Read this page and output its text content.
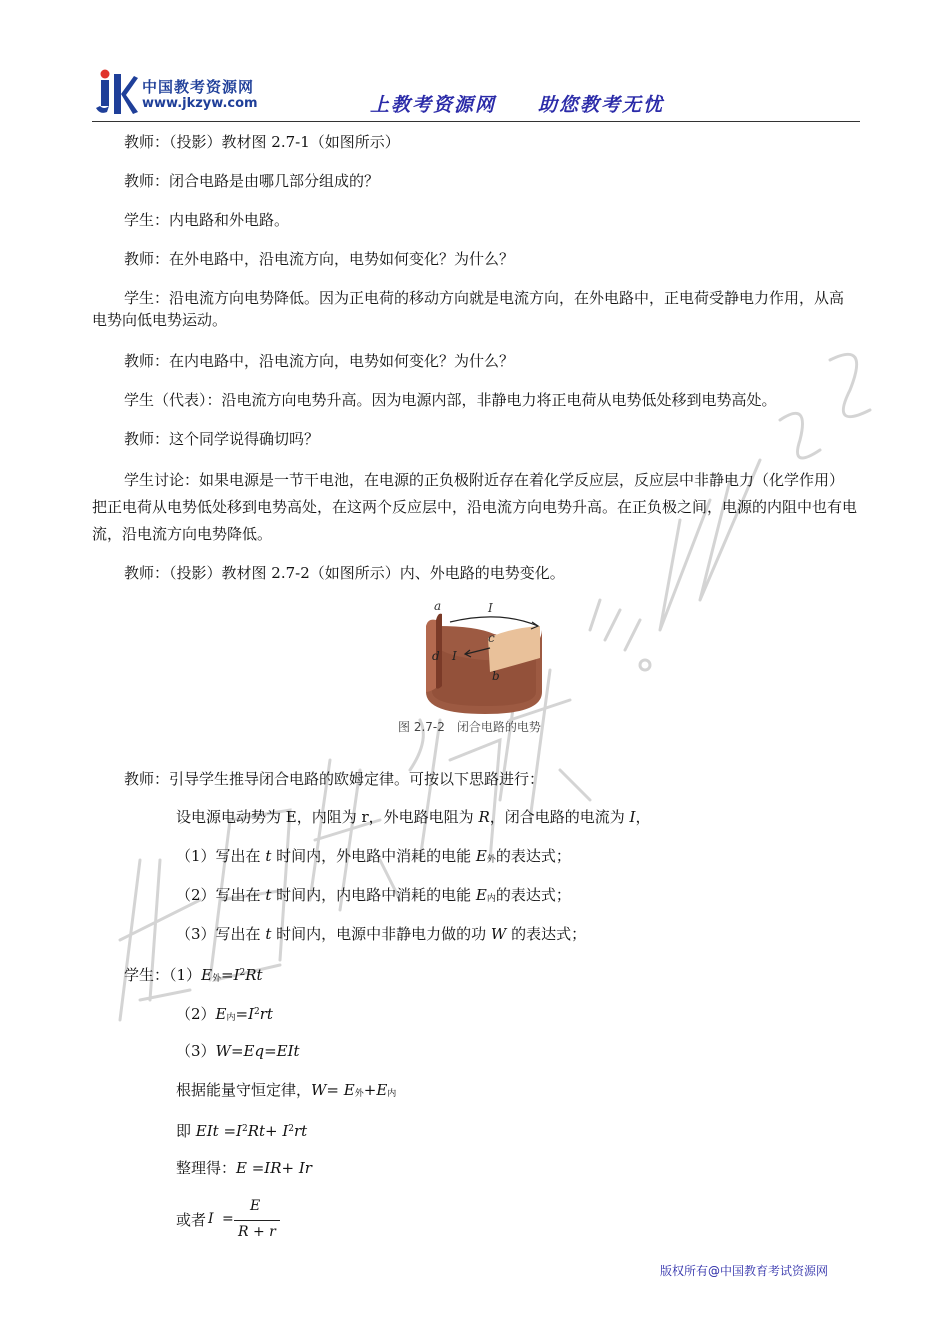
中国教考资源网
www.jkzyw.com	上教考资源网 助您教考无忧
教师：（投影）教材图 2.7-1（如图所示）
教师：闭合电路是由哪几部分组成的？
学生：内电路和外电路。
教师：在外电路中，沿电流方向，电势如何变化？为什么？
学生：沿电流方向电势降低。因为正电荷的移动方向就是电流方向，在外电路中，正电荷受静电力作用，从高电势向低电势运动。
教师：在内电路中，沿电流方向，电势如何变化？为什么？
学生（代表）：沿电流方向电势升高。因为电源内部，非静电力将正电荷从电势低处移到电势高处。
教师：这个同学说得确切吗？
学生讨论：如果电源是一节干电池，在电源的正负极附近存在着化学反应层，反应层中非静电力（化学作用）把正电荷从电势低处移到电势高处，在这两个反应层中，沿电流方向电势升高。在正负极之间，电源的内阻中也有电流，沿电流方向电势降低。
教师：（投影）教材图 2.7-2（如图所示）内、外电路的电势变化。
a	I
c
d I
b
图 2.7-2　闭合电路的电势
教师：引导学生推导闭合电路的欧姆定律。可按以下思路进行：
设电源电动势为 E，内阻为 r，外电路电阻为 R，闭合电路的电流为 I，
（1）写出在 t 时间内，外电路中消耗的电能 $E_外$的表达式；
（2）写出在 t 时间内，内电路中消耗的电能 $E_内$的表达式；
（3）写出在 t 时间内，电源中非静电力做的功 W 的表达式；
学生：$(1)E_外=I^2Rt$
$(2)E_内=I^2rt$
（3）W=Eq=EIt
根据能量守恒定律，$W= E_外+E_内$
即 EIt $=I^2Rt+ I^2rt$
整理得：E =IR+ Ir
或者 I =
E
R + r
版权所有@中国教育考试资源网
